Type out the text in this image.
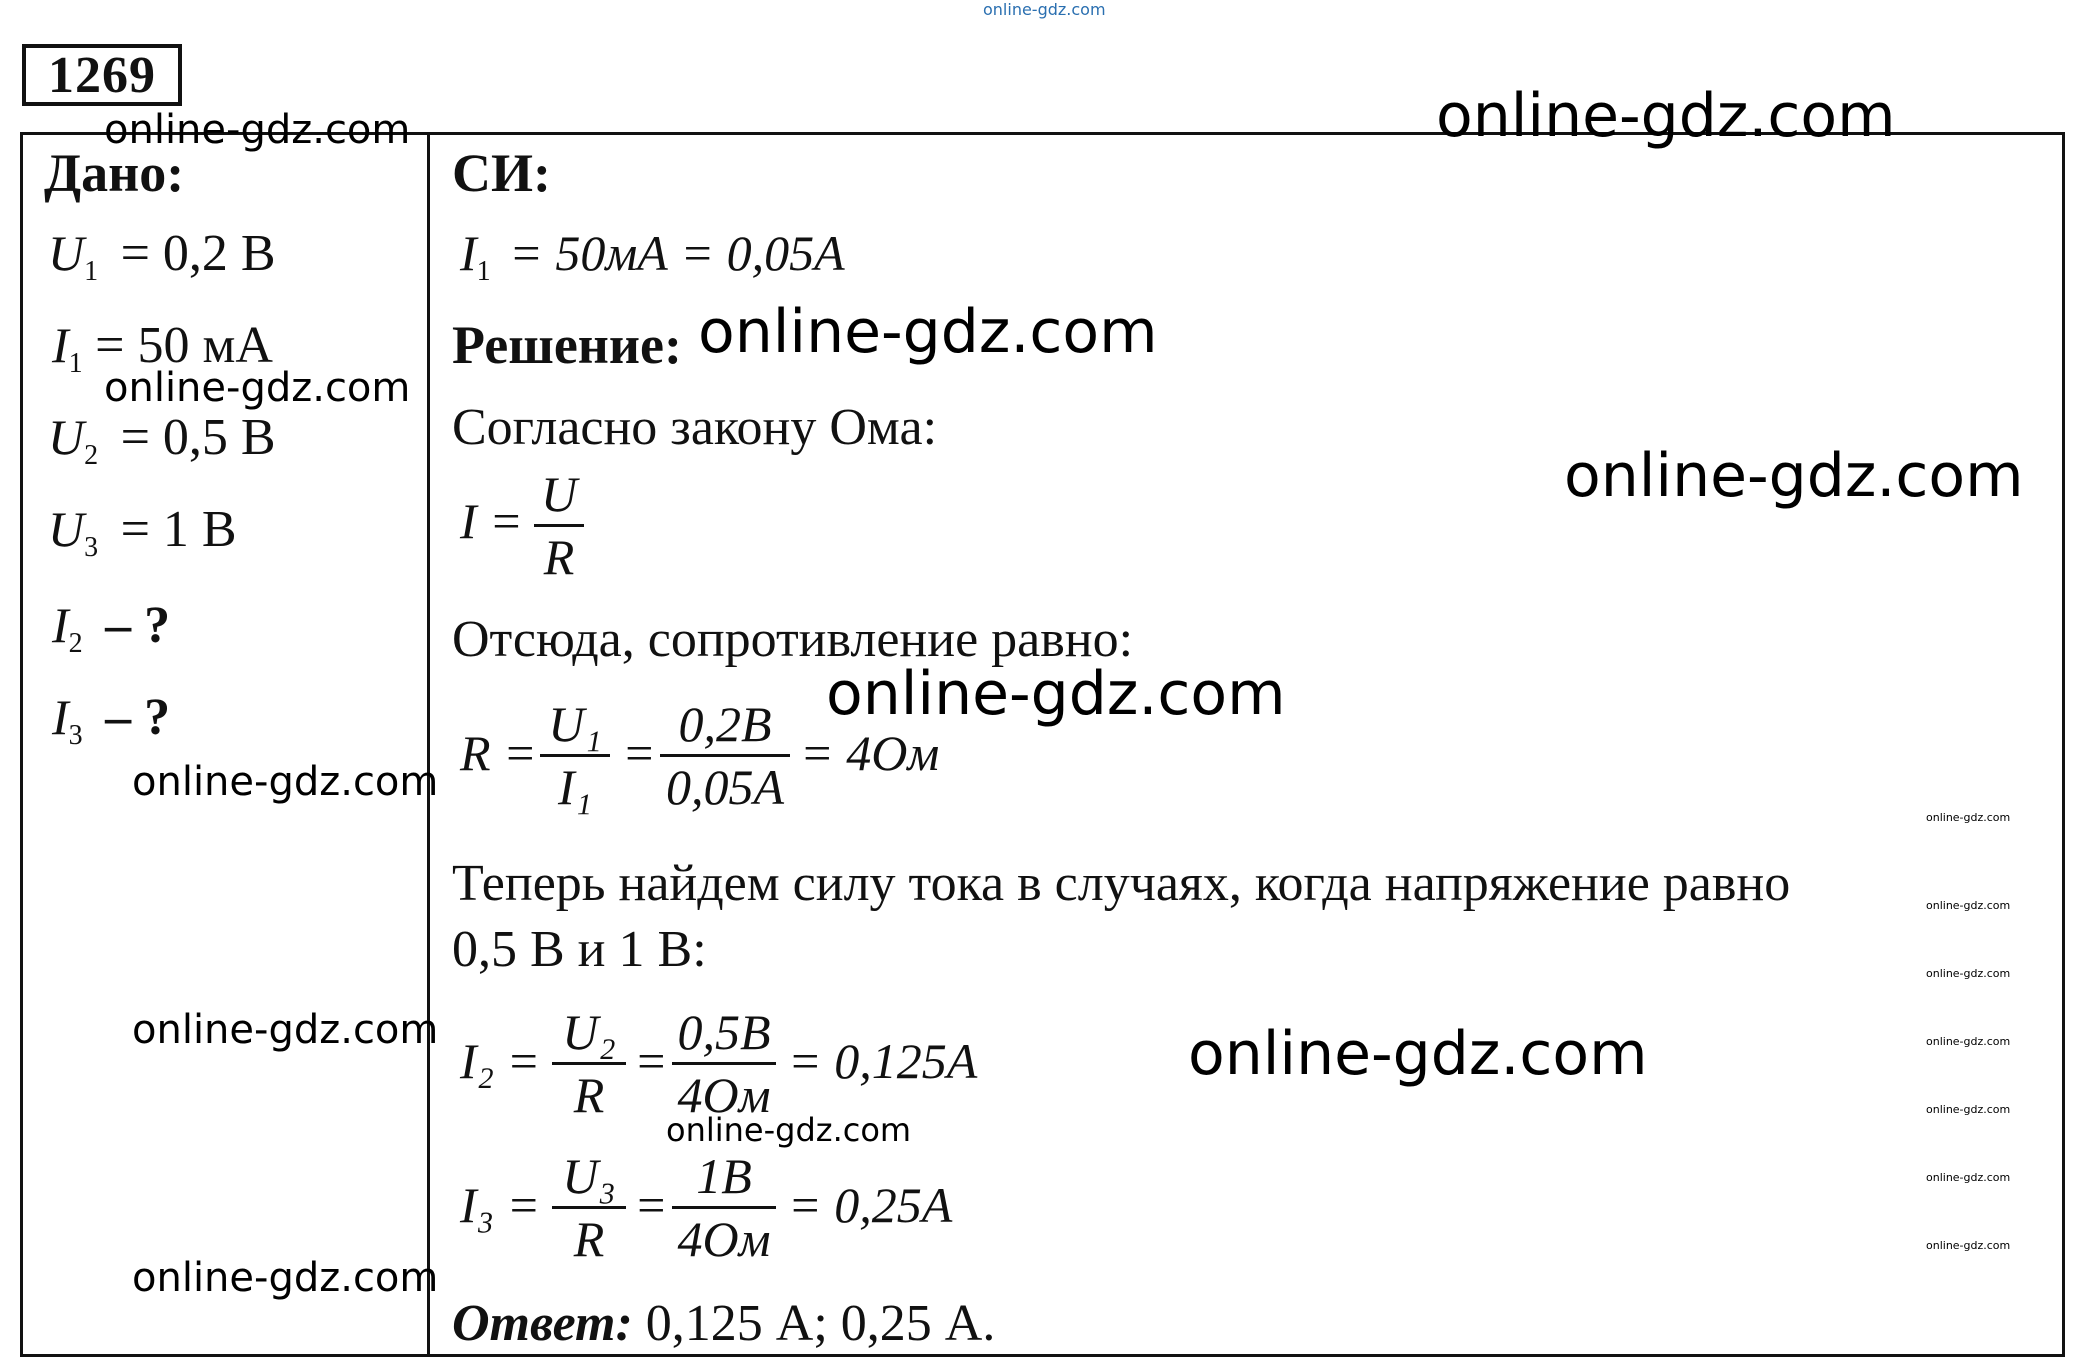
online-gdz.com
1269
Дано:
$U_1 = 0,2$ В
$I_1 = 50$ мА
$U_2 = 0,5$ В
$U_3 = 1$ В
$I_2$ – ?
$I_3$ – ?
СИ:
$I_1 = 50мА = 0,05А$
Решение:
Согласно закону Ома:
I = U
R
Отсюда, сопротивление равно:
R =
U₁
I₁
=
0,2В
0,05А
= 4Ом
Теперь найдем силу тока в случаях, когда напряжение равно
0,5 В и 1 В:
I₂ =
U₂
R
=
0,5В
4Ом
= 0,125А
I₃ =
U₃
R
=
1В
4Ом
= 0,25А
Ответ: 0,125 А; 0,25 А.
online-gdz.com	online-gdz.com
online-gdz.com
online-gdz.com
online-gdz.com
online-gdz.com
online-gdz.com
online-gdz.com	online-gdz.com
online-gdz.com
online-gdz.com
online-gdz.com
online-gdz.com
online-gdz.com
online-gdz.com
online-gdz.com
online-gdz.com
online-gdz.com
